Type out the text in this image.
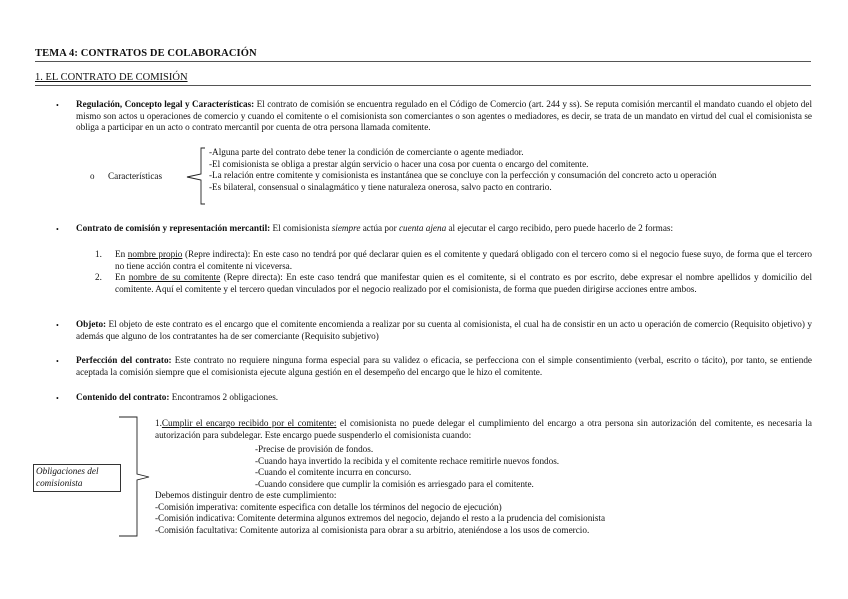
TEMA 4: CONTRATOS DE COLABORACIÓN
1. EL CONTRATO DE COMISIÓN
• Regulación, Concepto legal y Características: El contrato de comisión se encuentra regulado en el Código de Comercio (art. 244 y ss). Se reputa comisión mercantil el mandato cuando el objeto del mismo son actos u operaciones de comercio y cuando el comitente o el comisionista son comerciantes o son agentes o mediadores, es decir, se trata de un mandato en virtud del cual el comisionista se obliga a participar en un acto o contrato mercantil por cuenta de otra persona llamada comitente.

o Características

-Alguna parte del contrato debe tener la condición de comerciante o agente mediador.

-El comisionista se obliga a prestar algún servicio o hacer una cosa por cuenta o encargo del comitente.

-La relación entre comitente y comisionista es instantánea que se concluye con la perfección y consumación del concreto acto u operación

-Es bilateral, consensual o sinalagmático y tiene naturaleza onerosa, salvo pacto en contrario.

• Contrato de comisión y representación mercantil: El comisionista siempre actúa por cuenta ajena al ejecutar el cargo recibido, pero puede hacerlo de 2 formas:

1.	En nombre propio (Repre indirecta): En este caso no tendrá por qué declarar quien es el comitente y quedará obligado con el tercero como si el negocio fuese suyo, de forma que el tercero no tiene acción contra el comitente ni viceversa.

2.	En nombre de su comitente (Repre directa): En este caso tendrá que manifestar quien es el comitente, si el contrato es por escrito, debe expresar el nombre apellidos y domicilio del comitente. Aquí el comitente y el tercero quedan vinculados por el negocio realizado por el comisionista, de forma que pueden dirigirse acciones entre ambos.

• Objeto: El objeto de este contrato es el encargo que el comitente encomienda a realizar por su cuenta al comisionista, el cual ha de consistir en un acto u operación de comercio (Requisito objetivo) y además que alguno de los contratantes ha de ser comerciante (Requisito subjetivo)

• Perfección del contrato: Este contrato no requiere ninguna forma especial para su validez o eficacia, se perfecciona con el simple consentimiento (verbal, escrito o tácito), por tanto, se entiende aceptada la comisión siempre que el comisionista ejecute alguna gestión en el desempeño del encargo que le hizo el comitente.

• Contenido del contrato: Encontramos 2 obligaciones.

Obligaciones del comisionista

1.Cumplir el encargo recibido por el comitente: el comisionista no puede delegar el cumplimiento del encargo a otra persona sin autorización del comitente, es necesaria la autorización para subdelegar. Este encargo puede suspenderlo el comisionista cuando:

-Precise de provisión de fondos.

-Cuando haya invertido la recibida y el comitente rechace remitirle nuevos fondos.

-Cuando el comitente incurra en concurso.

-Cuando considere que cumplir la comisión es arriesgado para el comitente.

Debemos distinguir dentro de este cumplimiento:

-Comisión imperativa: comitente especifica con detalle los términos del negocio de ejecución)

-Comisión indicativa: Comitente determina algunos extremos del negocio, dejando el resto a la prudencia del comisionista

-Comisión facultativa: Comitente autoriza al comisionista para obrar a su arbitrio, ateniéndose a los usos de comercio.
